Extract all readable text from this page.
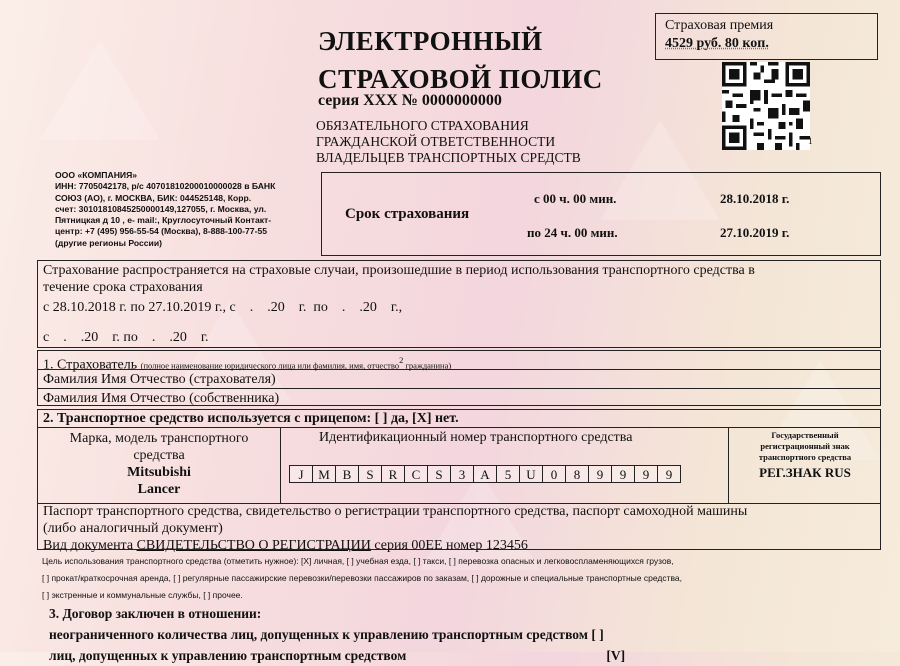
ЭЛЕКТРОННЫЙ
СТРАХОВОЙ ПОЛИС
серия ХХХ № 0000000000
ОБЯЗАТЕЛЬНОГО СТРАХОВАНИЯ
ГРАЖДАНСКОЙ ОТВЕТСТВЕННОСТИ
ВЛАДЕЛЬЦЕВ ТРАНСПОРТНЫХ СРЕДСТВ
Страховая премия
4529 руб. 80 коп.
1
ООО «КОМПАНИЯ»
ИНН: 7705042178, р/с 40701810200010000028 в БАНК
СОЮЗ (АО), г. МОСКВА, БИК: 044525148, Корр.
счет: 30101810845250000149,127055, г. Москва, ул.
Пятницкая д 10 , е- mail:, Круглосуточный Контакт-
центр: +7 (495) 956-55-54 (Москва), 8-888-100-77-55
(другие регионы России)
Срок страхования
с 00 ч. 00 мин.	28.10.2018 г.
по 24 ч. 00 мин.	27.10.2019 г.
Страхование распространяется на страховые случаи, произошедшие в период использования транспортного средства в
течение срока страхования
с 28.10.2018 г. по 27.10.2019 г., с    .    .20    г.  по    .    .20    г.,
с    .    .20    г. по    .    .20    г.
1. Страхователь (полное наименование юридического лица или фамилия, имя, отчество$^2$ гражданина)
Фамилия Имя Отчество (страхователя)
Фамилия Имя Отчество (собственника)
2. Транспортное средство используется с прицепом: [ ] да, [X] нет.
Марка, модель транспортного
средства
Mitsubishi
Lancer
Идентификационный номер транспортного средства
J	M B	S	R	C	S	3	A	5	U	0	8	9	9	9	9
Государственный
регистрационный знак
транспортного средства
РЕГ.ЗНАК RUS
Паспорт транспортного средства, свидетельство о регистрации транспортного средства, паспорт самоходной машины
(либо аналогичный документ)
Вид документа СВИДЕТЕЛЬСТВО О РЕГИСТРАЦИИ серия 00ЕЕ номер 123456
Цель использования транспортного средства (отметить нужное): [X] личная, [ ] учебная езда, [ ] такси, [ ] перевозка опасных и легковоспламеняющихся грузов,
[ ] прокат/краткосрочная аренда, [ ] регулярные пассажирские перевозки/перевозки пассажиров по заказам, [ ] дорожные и специальные транспортные средства,
[ ] экстренные и коммунальные службы, [ ] прочее.
3. Договор заключен в отношении:
неограниченного количества лиц, допущенных к управлению транспортным средством [ ]
лиц, допущенных к управлению транспортным средством	[V]
